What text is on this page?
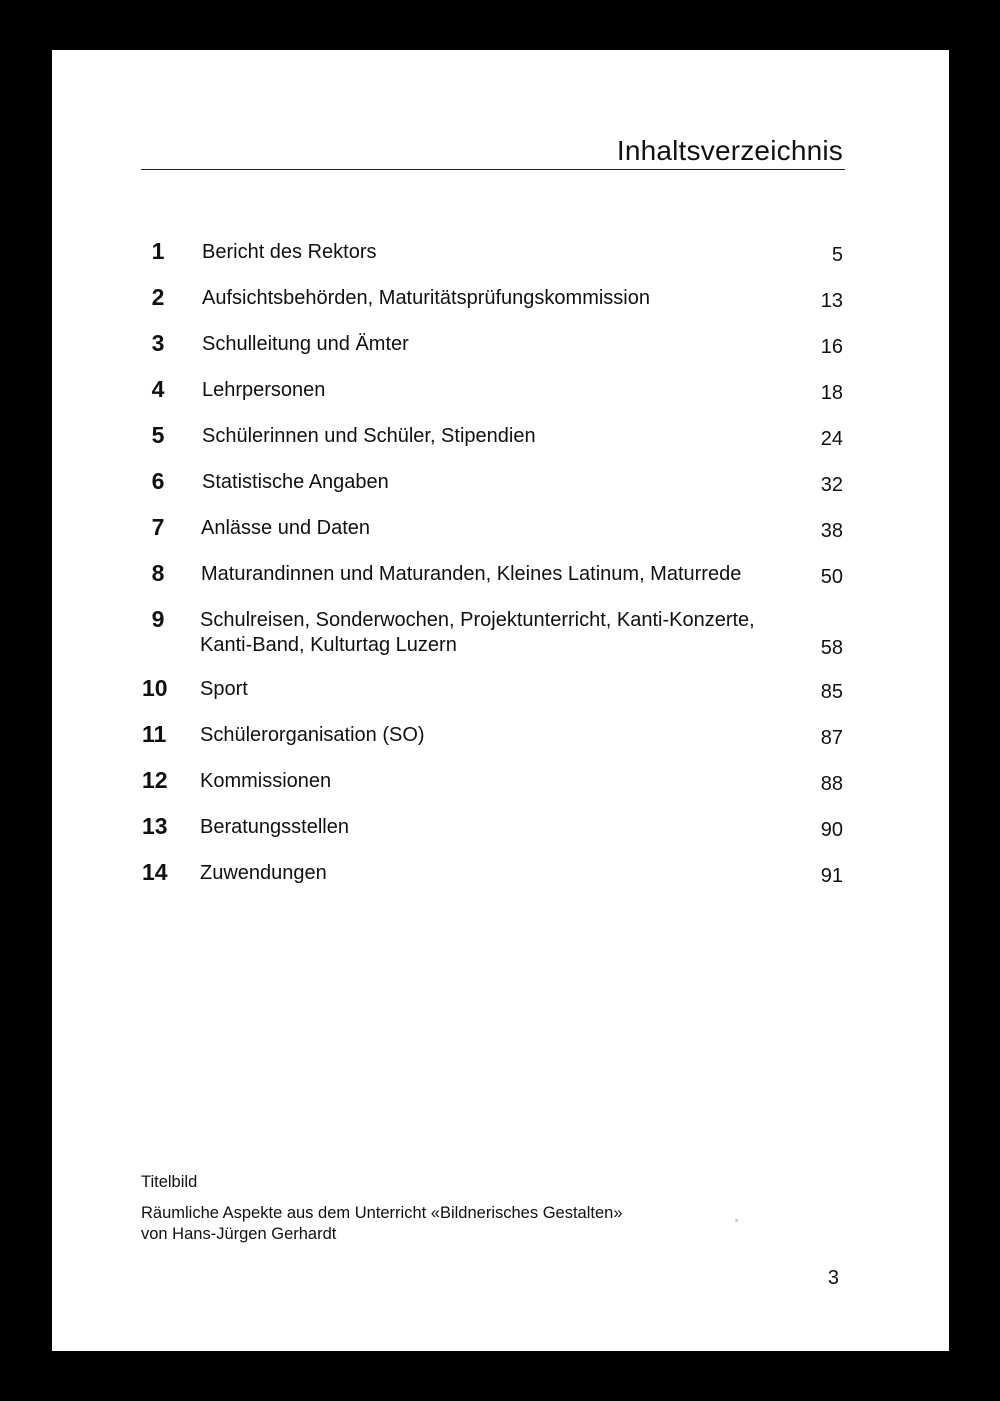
Inhaltsverzeichnis
1	Bericht des Rektors	5
2	Aufsichtsbehörden, Maturitätsprüfungskommission	13
3	Schulleitung und Ämter	16
4	Lehrpersonen	18
5	Schülerinnen und Schüler, Stipendien	24
6	Statistische Angaben	32
7	Anlässe und Daten	38
8	Maturandinnen und Maturanden, Kleines Latinum, Maturrede	50
9	Schulreisen, Sonderwochen, Projektunterricht, Kanti-Konzerte,
Kanti-Band, Kulturtag Luzern	58
10 Sport	85
11 Schülerorganisation (SO)	87
12 Kommissionen	88
13 Beratungsstellen	90
14 Zuwendungen	91
Titelbild
Räumliche Aspekte aus dem Unterricht «Bildnerisches Gestalten»
von Hans-Jürgen Gerhardt
3
